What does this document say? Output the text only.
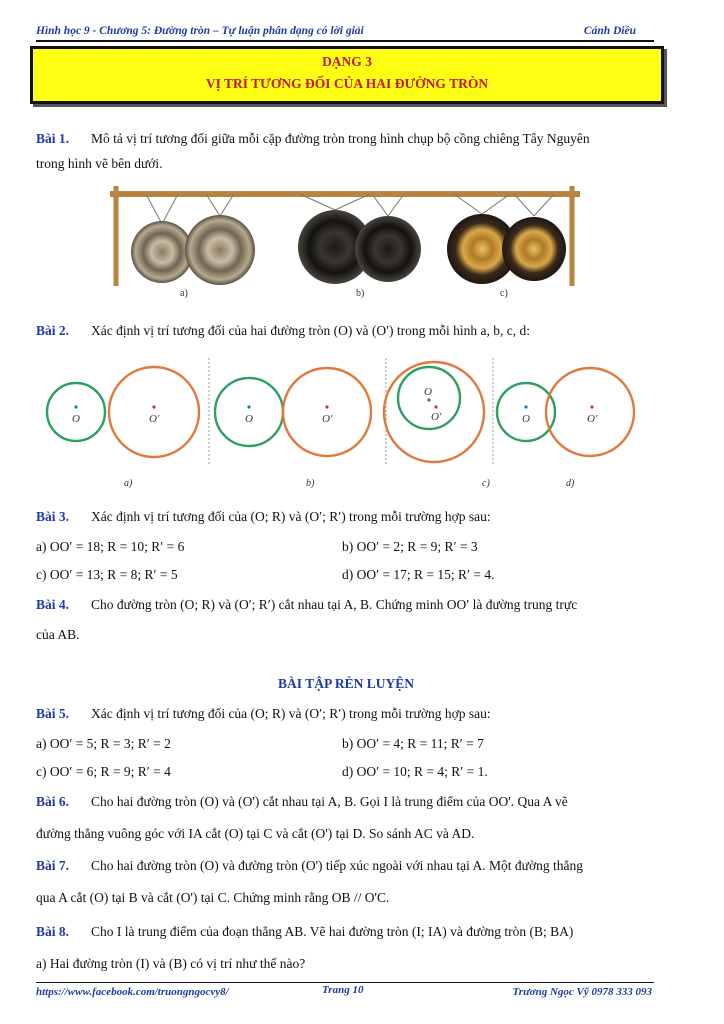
Hình học 9 - Chương 5: Đường tròn – Tự luận phân dạng có lời giải	Cánh Diều
DẠNG 3
VỊ TRÍ TƯƠNG ĐỐI CỦA HAI ĐƯỜNG TRÒN
Bài 1. Mô tả vị trí tương đối giữa mỗi cặp đường tròn trong hình chụp bộ cồng chiêng Tây Nguyên
trong hình vẽ bên dưới.
a)	b)	c)
Bài 2. Xác định vị trí tương đối của hai đường tròn (O) và (O′) trong mỗi hình a, b, c, d:
O	O'
a)
O	O'
b)
O
O'
c)
O	O'
d)
Bài 3. Xác định vị trí tương đối của (O; R) và (O′; R′) trong mỗi trường hợp sau:
a) OO′ = 18; R = 10; R′ = 6	b) OO′ = 2; R = 9; R′ = 3
c) OO′ = 13; R = 8; R′ = 5	d) OO′ = 17; R = 15; R′ = 4.
Bài 4. Cho đường tròn (O; R) và (O′; R′) cắt nhau tại A, B. Chứng minh OO′ là đường trung trực
của AB.
BÀI TẬP RÈN LUYỆN
Bài 5. Xác định vị trí tương đối của (O; R) và (O′; R′) trong mỗi trường hợp sau:
a) OO′ = 5; R = 3; R′ = 2	b) OO′ = 4; R = 11; R′ = 7
c) OO′ = 6; R = 9; R′ = 4	d) OO′ = 10; R = 4; R′ = 1.
Bài 6. Cho hai đường tròn (O) và (O') cắt nhau tại A, B. Gọi I là trung điểm của OO'. Qua A vẽ
đường thẳng vuông góc với IA cắt (O) tại C và cắt (O') tại D. So sánh AC và AD.
Bài 7. Cho hai đường tròn (O) và đường tròn (O') tiếp xúc ngoài với nhau tại A. Một đường thẳng
qua A cắt (O) tại B và cắt (O') tại C. Chứng minh rằng OB // O'C.
Bài 8. Cho I là trung điểm của đoạn thẳng AB. Vẽ hai đường tròn (I; IA) và đường tròn (B; BA)
a) Hai đường tròn (I) và (B) có vị trí như thế nào?
https://www.facebook.com/truongngocvy8/	Trang 10	Trương Ngọc Vỹ 0978 333 093
